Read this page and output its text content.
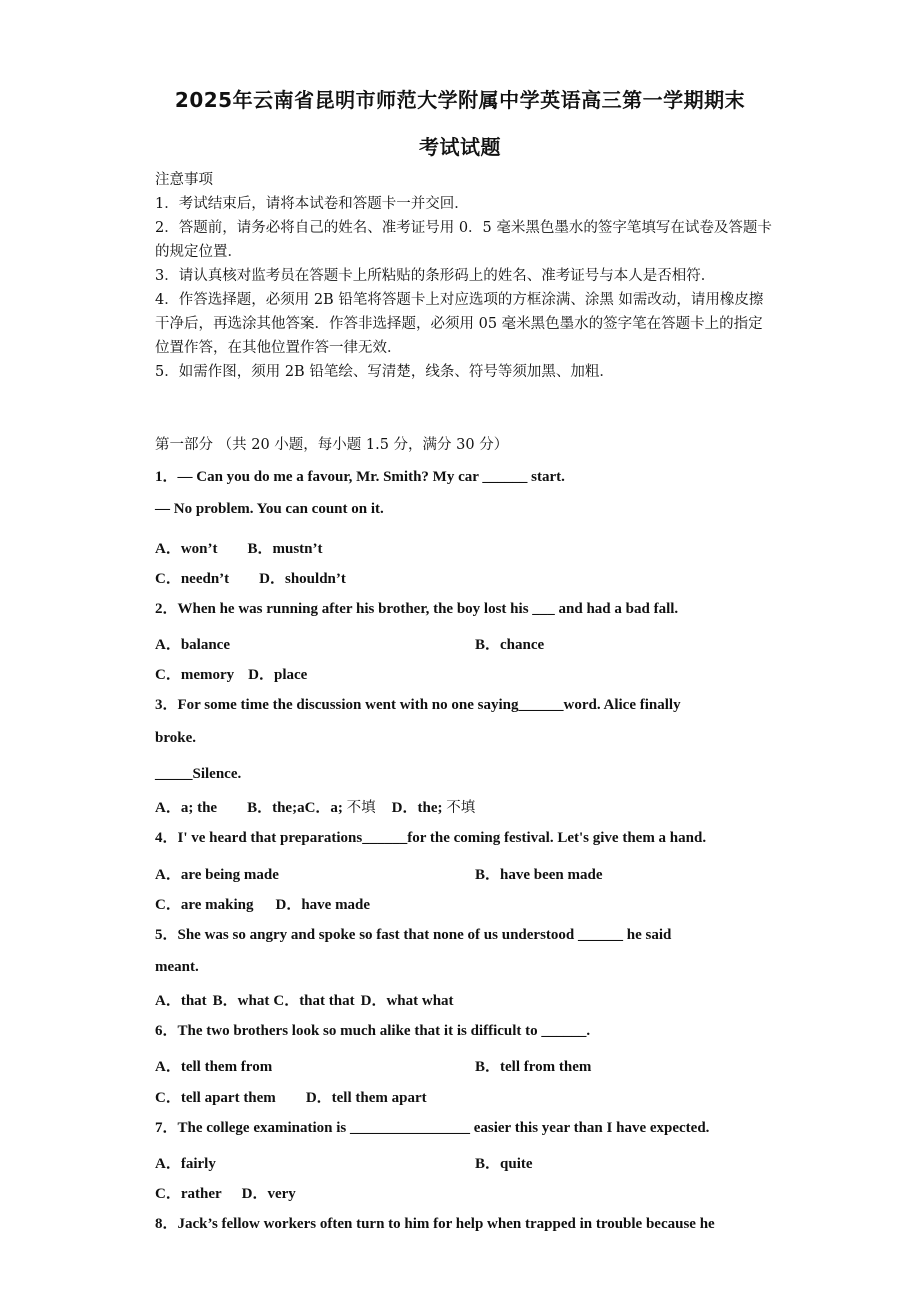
2025年云南省昆明市师范大学附属中学英语高三第一学期期末
考试试题

注意事项

1．考试结束后，请将本试卷和答题卡一并交回．

2．答题前，请务必将自己的姓名、准考证号用 0．5 毫米黑色墨水的签字笔填写在试卷及答题卡的规定位置．

3．请认真核对监考员在答题卡上所粘贴的条形码上的姓名、准考证号与本人是否相符．

4．作答选择题，必须用 2B 铅笔将答题卡上对应选项的方框涂满、涂黑 如需改动，请用橡皮擦干净后，再选涂其他答案．作答非选择题，必须用 05 毫米黑色墨水的签字笔在答题卡上的指定位置作答，在其他位置作答一律无效．

5．如需作图，须用 2B 铅笔绘、写清楚，线条、符号等须加黑、加粗．

第一部分 （共 20 小题，每小题 1.5 分，满分 30 分）
1．— Can you do me a favour, Mr. Smith? My car ______ start.
— No problem. You can count on it.
A．won’t B．mustn’t
C．needn’t D．shouldn’t
2．When he was running after his brother, the boy lost his ___ and had a bad fall.
A．balance	B．chance
C．memory D．place
3．For some time the discussion went with no one saying______word. Alice finally
broke.
_____Silence.
A．a; the B．the;aC．a; 不填 D．the; 不填
4．I' ve heard that preparations______for the coming festival. Let's give them a hand.
A．are being made	B．have been made
C．are making D．have made
5．She was so angry and spoke so fast that none of us understood ______ he said
meant.
A．that B．what C．that that D．what what
6．The two brothers look so much alike that it is difficult to ______.
A．tell them from	B．tell from them
C．tell apart them D．tell them apart
7．The college examination is ________________ easier this year than I have expected.
A．fairly	B．quite
C．rather D．very
8．Jack’s fellow workers often turn to him for help when trapped in trouble because he
